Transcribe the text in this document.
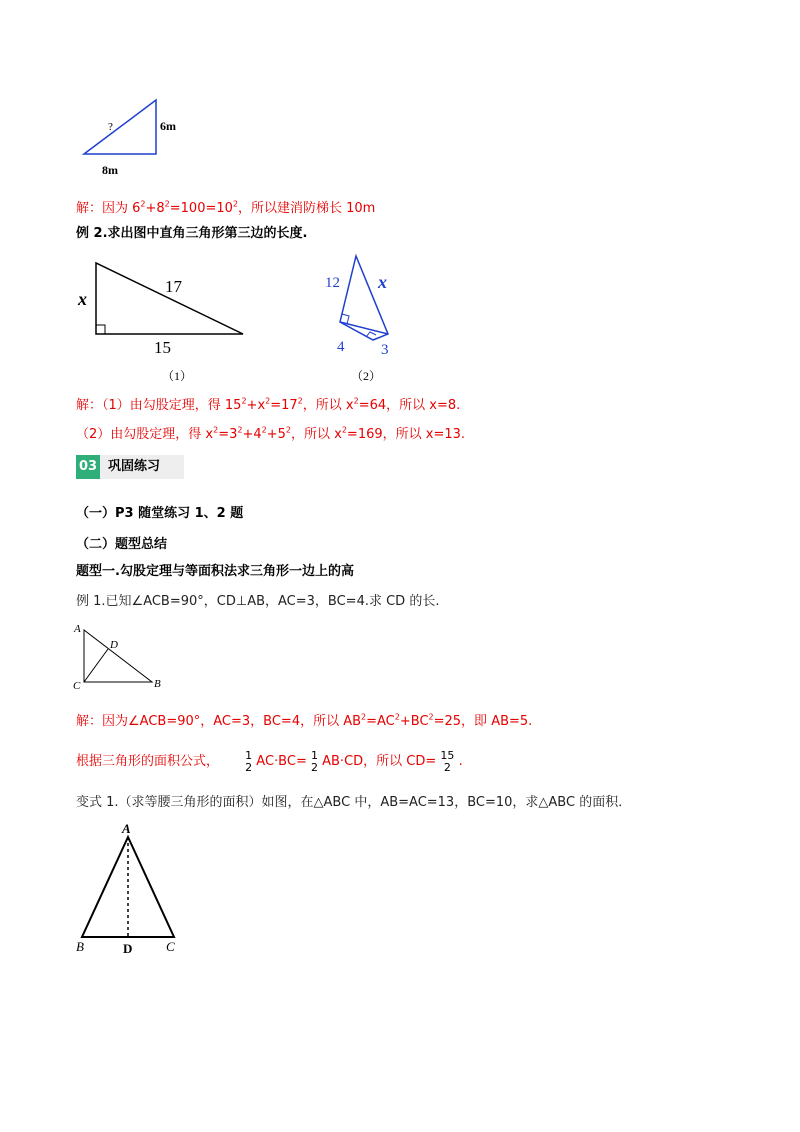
?	6m
8m
解：因为 $6^2+8^2=100=10^2$，所以建消防梯长 10m
例 2.求出图中直角三角形第三边的长度.
x
17
15
（1）
12 x
4 3
（2）
解：（1）由勾股定理，得 $15^2+x^2=17^2$，所以 $x^2=64$，所以 x=8.
（2）由勾股定理，得 $x^2=3^2+4^2+5^2$，所以 $x^2=169$，所以 x=13.
03 巩固练习
（一）P3 随堂练习 1、2 题
（二）题型总结
题型一.勾股定理与等面积法求三角形一边上的高
例 1.已知∠ACB=90°，CD⊥AB，AC=3，BC=4.求 CD 的长.
A
D
C	B
解：因为∠ACB=90°，AC=3，BC=4，所以 $AB^2=AC^2+BC^2=25$，即 AB=5.
根据三角形的面积公式， 1
2 AC·BC= 1
2 AB·CD，所以 CD= 15
2 .
变式 1.（求等腰三角形的面积）如图，在△ABC 中，AB=AC=13，BC=10，求△ABC 的面积．
A
B	C
D
